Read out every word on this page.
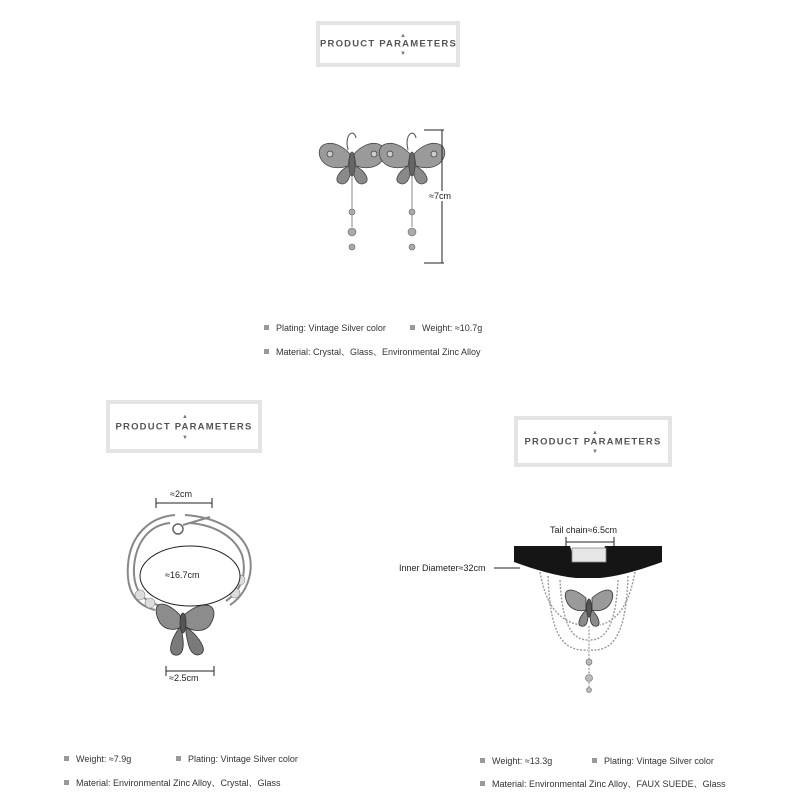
▲
PRODUCT PARAMETERS
▼
≈7cm
Plating: Vintage Silver color	Weight: ≈10.7g
Material: Crystal、Glass、Environmental Zinc Alloy
▲
PRODUCT PARAMETERS
▼
≈2cm
≈16.7cm
≈2.5cm
Weight: ≈7.9g	Plating: Vintage Silver color
Material: Environmental Zinc Alloy、Crystal、Glass
▲
PRODUCT PARAMETERS
▼
Tail chain≈6.5cm
Inner Diameter≈32cm
Weight: ≈13.3g	Plating: Vintage Silver color
Material: Environmental Zinc Alloy、FAUX SUEDE、Glass
